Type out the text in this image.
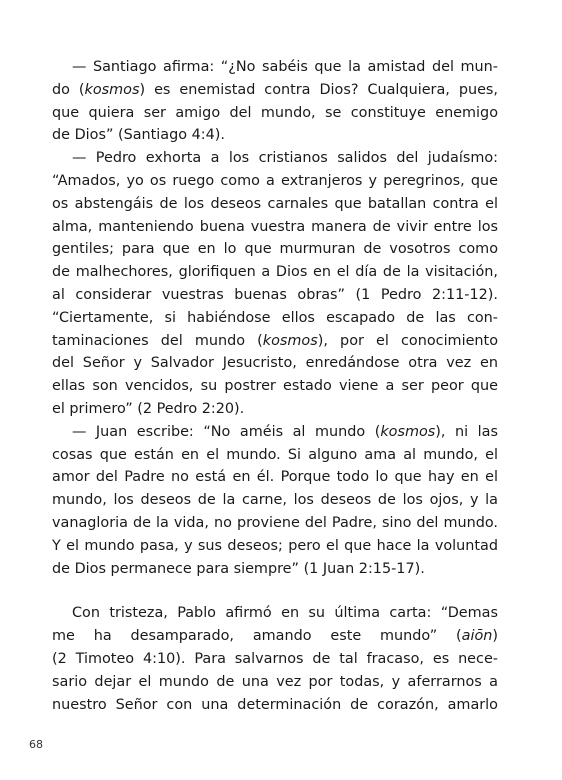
— Santiago afirma: “¿No sabéis que la amistad del mun-
do (kosmos) es enemistad contra Dios? Cualquiera, pues,
que quiera ser amigo del mundo, se constituye enemigo
de Dios” (Santiago 4:4).

— Pedro exhorta a los cristianos salidos del judaísmo:
“Amados, yo os ruego como a extranjeros y peregrinos, que
os abstengáis de los deseos carnales que batallan contra el
alma, manteniendo buena vuestra manera de vivir entre los
gentiles; para que en lo que murmuran de vosotros como
de malhechores, glorifiquen a Dios en el día de la visitación,
al considerar vuestras buenas obras” (1 Pedro 2:11-12).
“Ciertamente, si habiéndose ellos escapado de las con-
taminaciones del mundo (kosmos), por el conocimiento
del Señor y Salvador Jesucristo, enredándose otra vez en
ellas son vencidos, su postrer estado viene a ser peor que
el primero” (2 Pedro 2:20).

— Juan escribe: “No améis al mundo (kosmos), ni las
cosas que están en el mundo. Si alguno ama al mundo, el
amor del Padre no está en él. Porque todo lo que hay en el
mundo, los deseos de la carne, los deseos de los ojos, y la
vanagloria de la vida, no proviene del Padre, sino del mundo.
Y el mundo pasa, y sus deseos; pero el que hace la voluntad
de Dios permanece para siempre” (1 Juan 2:15-17).

Con tristeza, Pablo afirmó en su última carta: “Demas
me ha desamparado, amando este mundo” (aiōn)
(2 Timoteo 4:10). Para salvarnos de tal fracaso, es nece-
sario dejar el mundo de una vez por todas, y aferrarnos a
nuestro Señor con una determinación de corazón, amarlo

68
